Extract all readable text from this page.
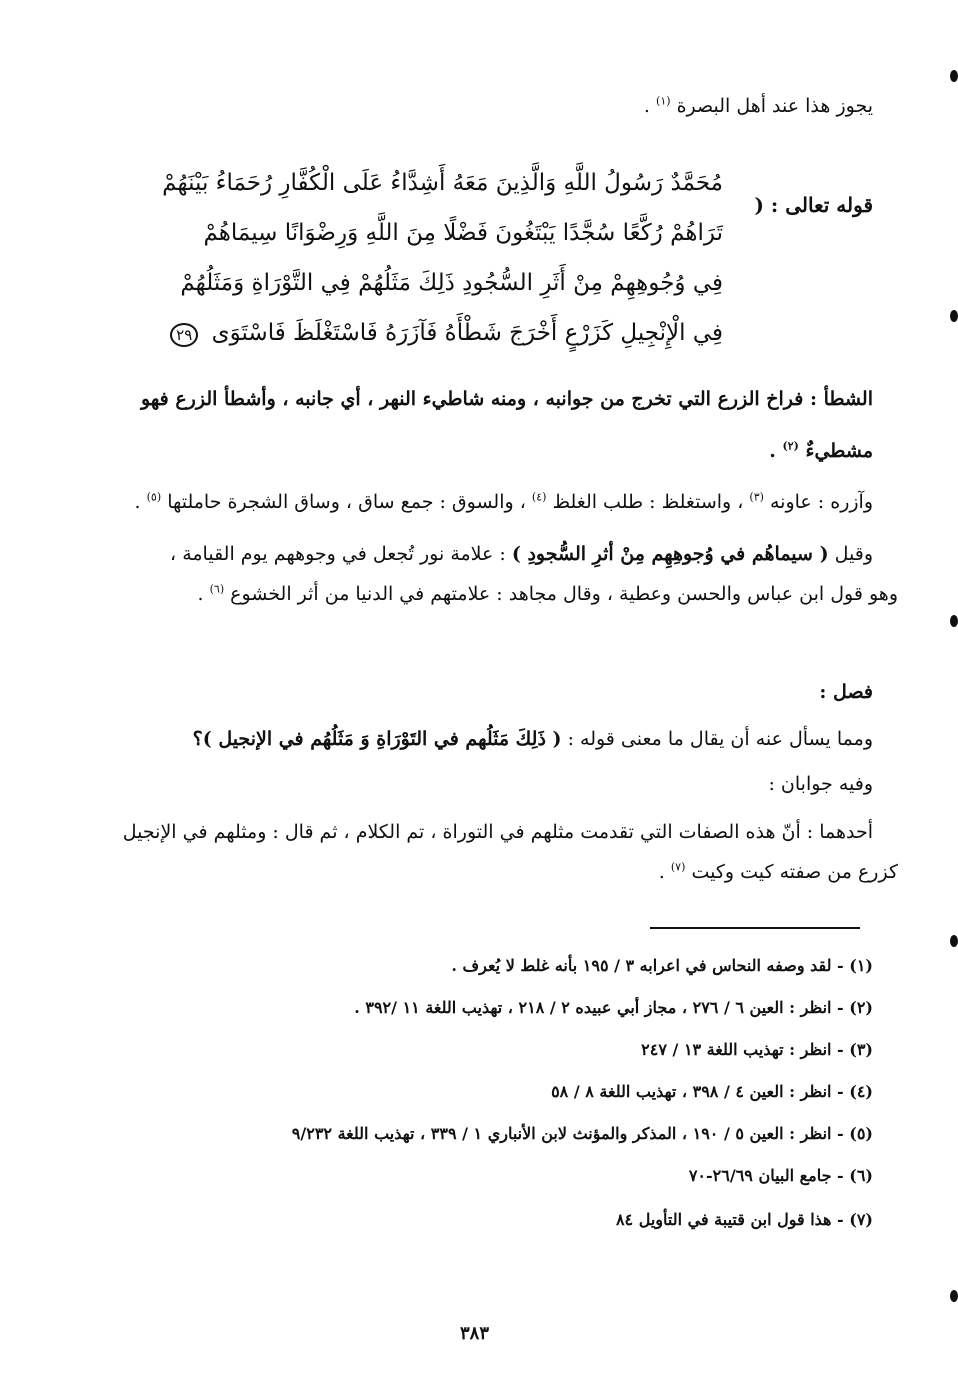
يجوز هذا عند أهل البصرة $^{(١)}$ .
قوله تعالى : (
مُحَمَّدٌ رَسُولُ اللَّهِ وَالَّذِينَ مَعَهُ أَشِدَّاءُ عَلَى الْكُفَّارِ رُحَمَاءُ بَيْنَهُمْ
تَرَاهُمْ رُكَّعًا سُجَّدًا يَبْتَغُونَ فَضْلًا مِنَ اللَّهِ وَرِضْوَانًا سِيمَاهُمْ
فِي وُجُوهِهِمْ مِنْ أَثَرِ السُّجُودِ ذَلِكَ مَثَلُهُمْ فِي التَّوْرَاةِ وَمَثَلُهُمْ
فِي الْإِنْجِيلِ كَزَرْعٍ أَخْرَجَ شَطْأَهُ فَآزَرَهُ فَاسْتَغْلَظَ فَاسْتَوَى ٢٩
الشطأ : فراخ الزرع التي تخرج من جوانبه ، ومنه شاطيء النهر ، أي جانبه ، وأشطأ الزرع فهو
مشطيءٌ $^{(٢)}$ .
وآزره : عاونه $^{(٣)}$ ، واستغلظ : طلب الغلظ $^{(٤)}$ ، والسوق : جمع ساق ، وساق الشجرة حاملتها $^{(٥)}$ .
وقيل ( سيماهُم في وُجوهِهِم مِنْ أثرِ السُّجودِ ) : علامة نور تُجعل في وجوههم يوم القيامة ،
وهو قول ابن عباس والحسن وعطية ، وقال مجاهد : علامتهم في الدنيا من أثر الخشوع $^{(٦)}$ .
فصل :
ومما يسأل عنه أن يقال ما معنى قوله : ( ذَلِكَ مَثَلُهم في التَوْرَاةِ وَ مَثَلُهُم في الإنجيل )؟
وفيه جوابان :
أحدهما : أنّ هذه الصفات التي تقدمت مثلهم في التوراة ، تم الكلام ، ثم قال : ومثلهم في الإنجيل
كزرع من صفته كيت وكيت $^{(٧)}$ .
(١) - لقد وصفه النحاس في اعرابه ٣ / ١٩٥ بأنه غلط لا يُعرف .
(٢) - انظر : العين ٦ / ٢٧٦ ، مجاز أبي عبيده ٢ / ٢١٨ ، تهذيب اللغة ١١ /٣٩٢ .
(٣) - انظر : تهذيب اللغة ١٣ / ٢٤٧
(٤) - انظر : العين ٤ / ٣٩٨ ، تهذيب اللغة ٨ / ٥٨
(٥) - انظر : العين ٥ / ١٩٠ ، المذكر والمؤنث لابن الأنباري ١ / ٣٣٩ ، تهذيب اللغة ٩/٢٣٢
(٦) - جامع البيان ٢٦/٦٩-٧٠
(٧) - هذا قول ابن قتيبة في التأويل ٨٤
٣٨٣
